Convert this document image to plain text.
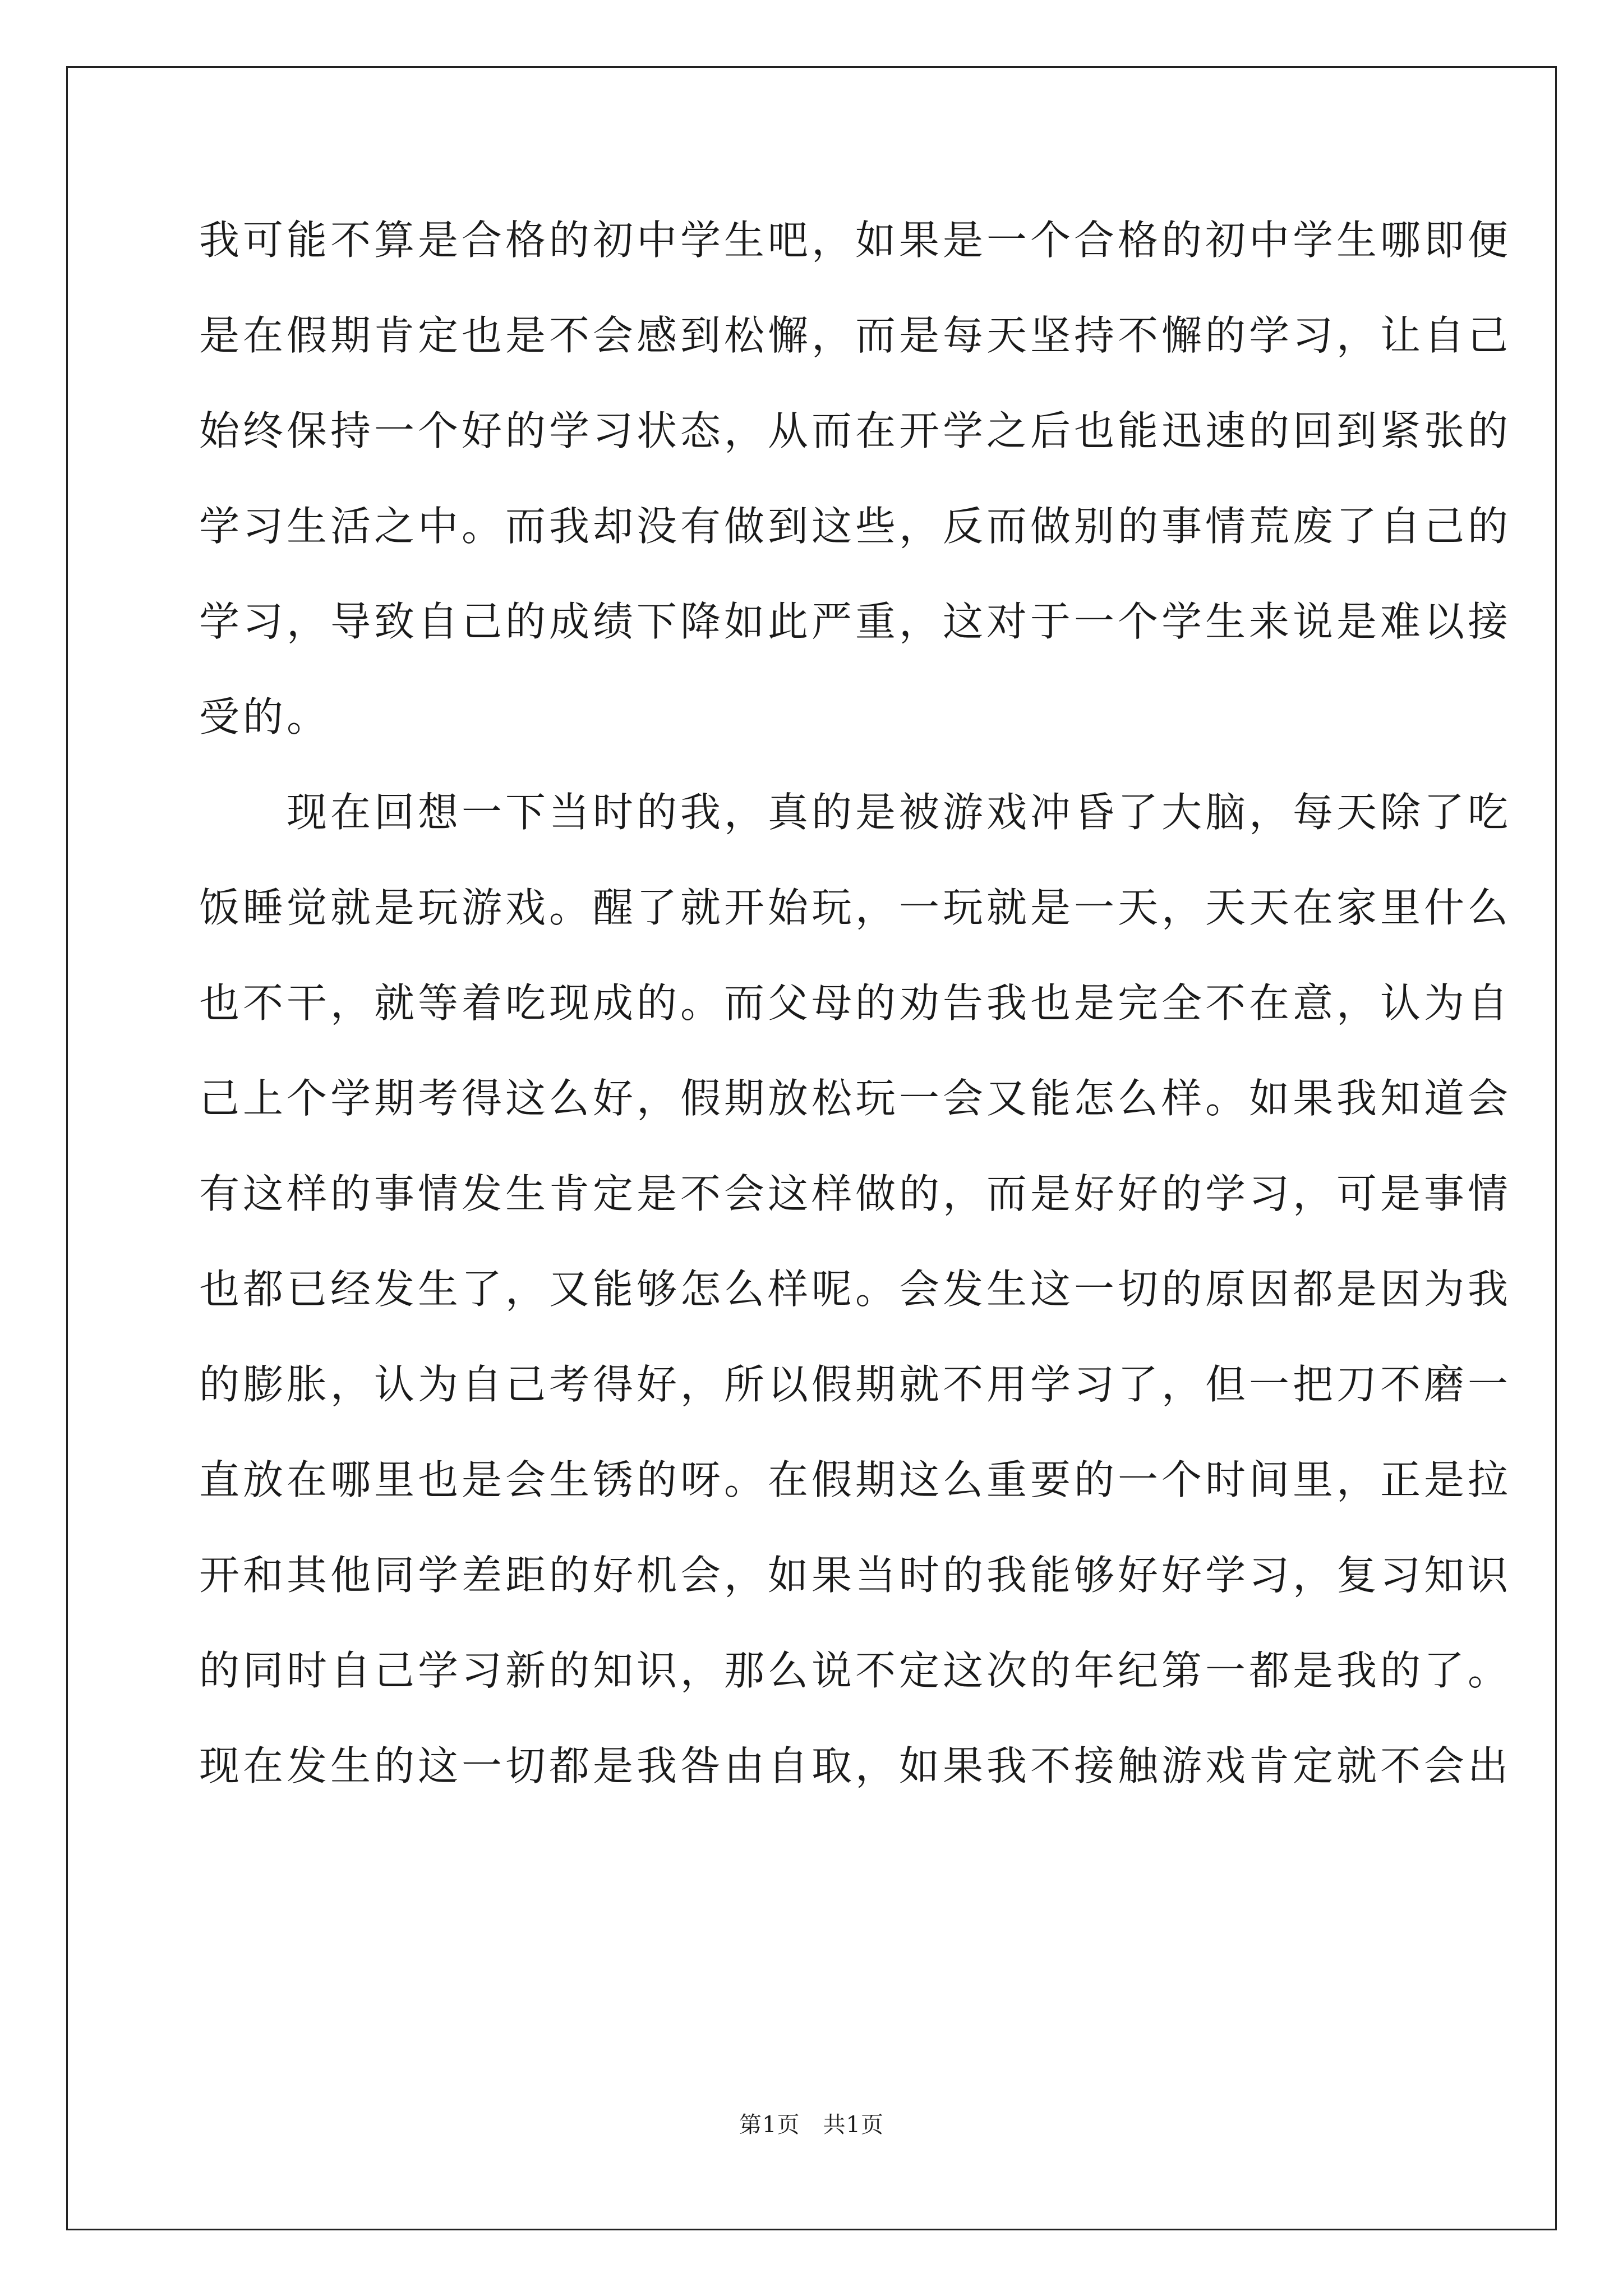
我可能不算是合格的初中学生吧，如果是一个合格的初中学生哪即便
是在假期肯定也是不会感到松懈，而是每天坚持不懈的学习，让自己
始终保持一个好的学习状态，从而在开学之后也能迅速的回到紧张的
学习生活之中。而我却没有做到这些，反而做别的事情荒废了自己的
学习，导致自己的成绩下降如此严重，这对于一个学生来说是难以接
受的。
　　现在回想一下当时的我，真的是被游戏冲昏了大脑，每天除了吃
饭睡觉就是玩游戏。醒了就开始玩，一玩就是一天，天天在家里什么
也不干，就等着吃现成的。而父母的劝告我也是完全不在意，认为自
己上个学期考得这么好，假期放松玩一会又能怎么样。如果我知道会
有这样的事情发生肯定是不会这样做的，而是好好的学习，可是事情
也都已经发生了，又能够怎么样呢。会发生这一切的原因都是因为我
的膨胀，认为自己考得好，所以假期就不用学习了，但一把刀不磨一
直放在哪里也是会生锈的呀。在假期这么重要的一个时间里，正是拉
开和其他同学差距的好机会，如果当时的我能够好好学习，复习知识
的同时自己学习新的知识，那么说不定这次的年纪第一都是我的了。
现在发生的这一切都是我咎由自取，如果我不接触游戏肯定就不会出
第1页　共1页
